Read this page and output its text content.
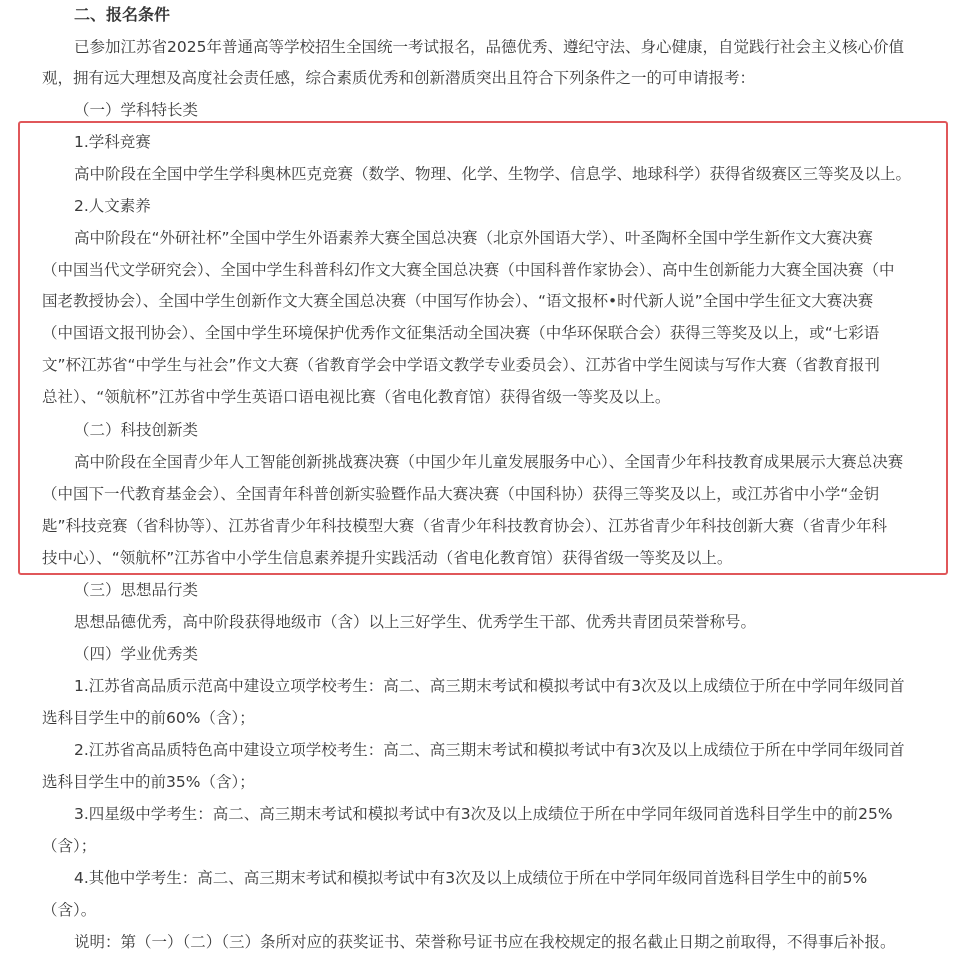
二、报名条件

已参加江苏省2025年普通高等学校招生全国统一考试报名，品德优秀、遵纪守法、身心健康，自觉践行社会主义核心价值

观，拥有远大理想及高度社会责任感，综合素质优秀和创新潜质突出且符合下列条件之一的可申请报考：

（一）学科特长类

1.学科竞赛

高中阶段在全国中学生学科奥林匹克竞赛（数学、物理、化学、生物学、信息学、地球科学）获得省级赛区三等奖及以上。

2.人文素养

高中阶段在“外研社杯”全国中学生外语素养大赛全国总决赛（北京外国语大学）、叶圣陶杯全国中学生新作文大赛决赛

（中国当代文学研究会）、全国中学生科普科幻作文大赛全国总决赛（中国科普作家协会）、高中生创新能力大赛全国决赛（中

国老教授协会）、全国中学生创新作文大赛全国总决赛（中国写作协会）、“语文报杯•时代新人说”全国中学生征文大赛决赛

（中国语文报刊协会）、全国中学生环境保护优秀作文征集活动全国决赛（中华环保联合会）获得三等奖及以上，或“七彩语

文”杯江苏省“中学生与社会”作文大赛（省教育学会中学语文教学专业委员会）、江苏省中学生阅读与写作大赛（省教育报刊

总社）、“领航杯”江苏省中学生英语口语电视比赛（省电化教育馆）获得省级一等奖及以上。

（二）科技创新类

高中阶段在全国青少年人工智能创新挑战赛决赛（中国少年儿童发展服务中心）、全国青少年科技教育成果展示大赛总决赛

（中国下一代教育基金会）、全国青年科普创新实验暨作品大赛决赛（中国科协）获得三等奖及以上，或江苏省中小学“金钥

匙”科技竞赛（省科协等）、江苏省青少年科技模型大赛（省青少年科技教育协会）、江苏省青少年科技创新大赛（省青少年科

技中心）、“领航杯”江苏省中小学生信息素养提升实践活动（省电化教育馆）获得省级一等奖及以上。

（三）思想品行类

思想品德优秀，高中阶段获得地级市（含）以上三好学生、优秀学生干部、优秀共青团员荣誉称号。

（四）学业优秀类

1.江苏省高品质示范高中建设立项学校考生：高二、高三期末考试和模拟考试中有3次及以上成绩位于所在中学同年级同首

选科目学生中的前60%（含）；

2.江苏省高品质特色高中建设立项学校考生：高二、高三期末考试和模拟考试中有3次及以上成绩位于所在中学同年级同首

选科目学生中的前35%（含）；

3.四星级中学考生：高二、高三期末考试和模拟考试中有3次及以上成绩位于所在中学同年级同首选科目学生中的前25%

（含）；

4.其他中学考生：高二、高三期末考试和模拟考试中有3次及以上成绩位于所在中学同年级同首选科目学生中的前5%

（含）。

说明：第（一）（二）（三）条所对应的获奖证书、荣誉称号证书应在我校规定的报名截止日期之前取得，不得事后补报。
